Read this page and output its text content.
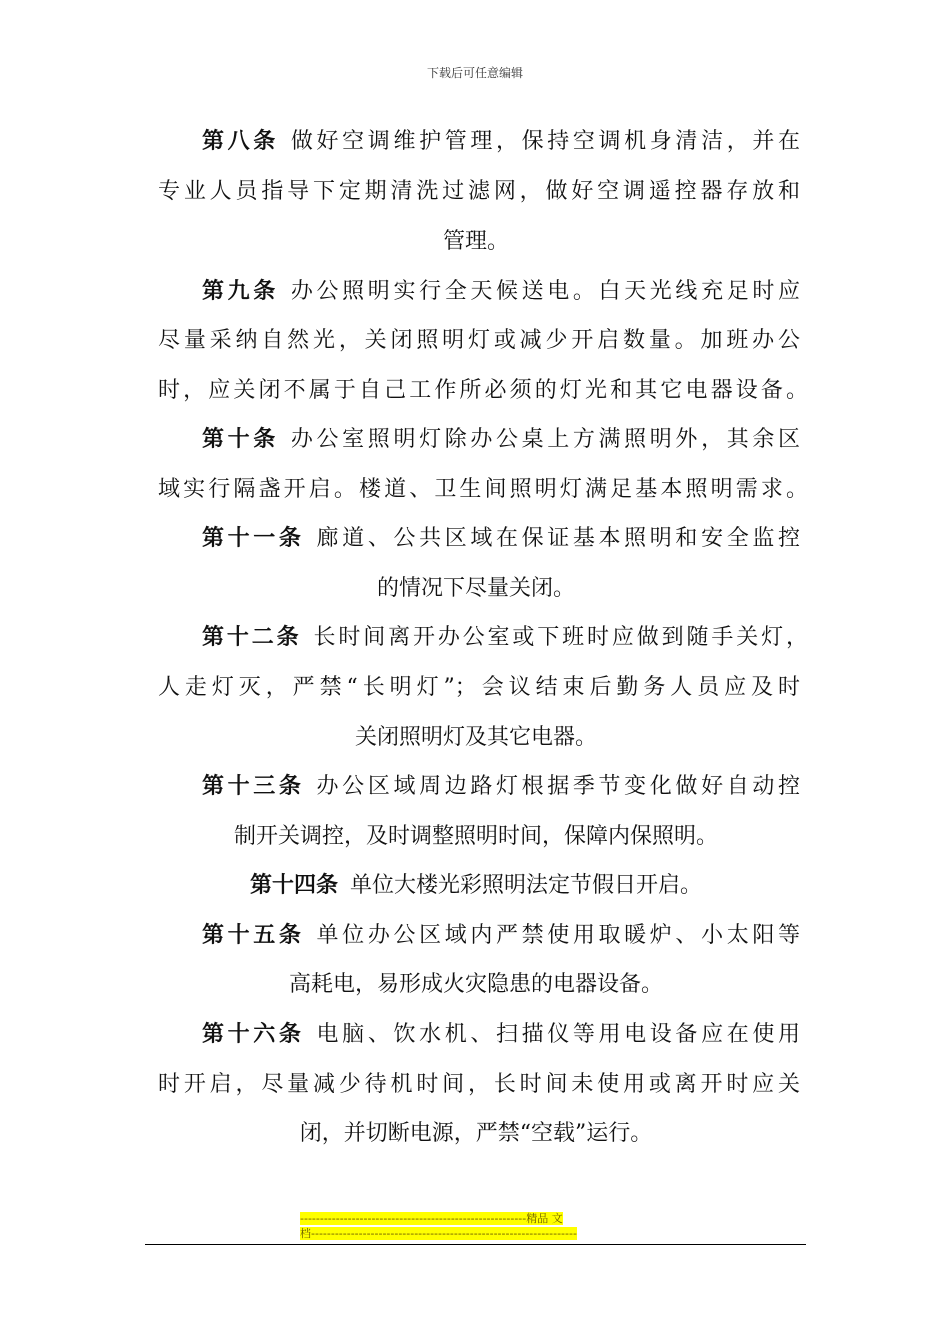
下载后可任意编辑
第八条 做好空调维护管理，保持空调机身清洁，并在
专业人员指导下定期清洗过滤网，做好空调遥控器存放和
管理。
第九条 办公照明实行全天候送电。白天光线充足时应
尽量采纳自然光，关闭照明灯或减少开启数量。加班办公
时，应关闭不属于自己工作所必须的灯光和其它电器设备。
第十条 办公室照明灯除办公桌上方满照明外，其余区
域实行隔盏开启。楼道、卫生间照明灯满足基本照明需求。
第十一条 廊道、公共区域在保证基本照明和安全监控
的情况下尽量关闭。
第十二条 长时间离开办公室或下班时应做到随手关灯，
人走灯灭，严禁“长明灯”；会议结束后勤务人员应及时
关闭照明灯及其它电器。
第十三条 办公区域周边路灯根据季节变化做好自动控
制开关调控，及时调整照明时间，保障内保照明。
第十四条 单位大楼光彩照明法定节假日开启。
第十五条 单位办公区域内严禁使用取暖炉、小太阳等
高耗电，易形成火灾隐患的电器设备。
第十六条 电脑、饮水机、扫描仪等用电设备应在使用
时开启，尽量减少待机时间，长时间未使用或离开时应关
闭，并切断电源，严禁“空载”运行。
---------------------------------------------------------精品 文
档-------------------------------------------------------------------
